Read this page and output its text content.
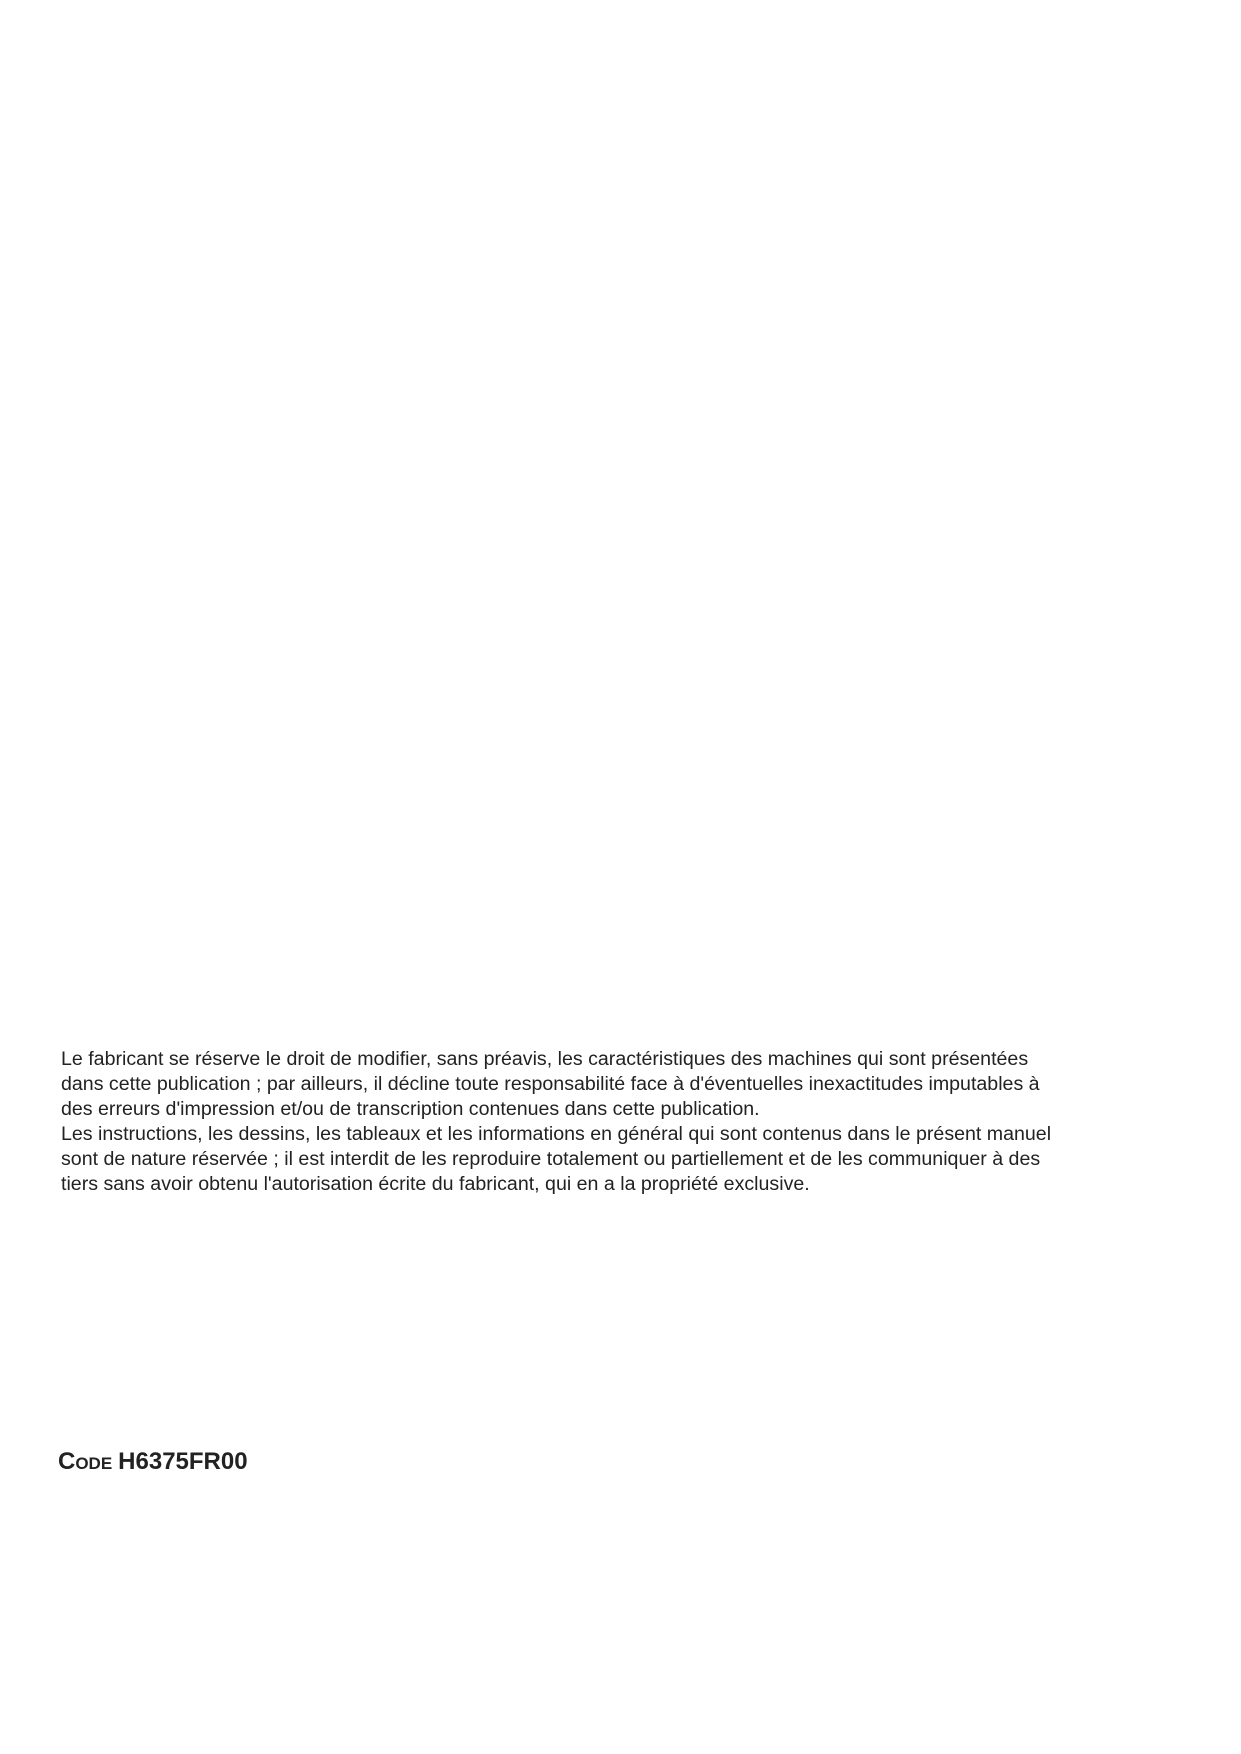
Le fabricant se réserve le droit de modifier, sans préavis, les caractéristiques des machines qui sont présentées
dans cette publication ; par ailleurs, il décline toute responsabilité face à d'éventuelles inexactitudes imputables à
des erreurs d'impression et/ou de transcription contenues dans cette publication.
Les instructions, les dessins, les tableaux et les informations en général qui sont contenus dans le présent manuel
sont de nature réservée ; il est interdit de les reproduire totalement ou partiellement et de les communiquer à des
tiers sans avoir obtenu l'autorisation écrite du fabricant, qui en a la propriété exclusive.
Code H6375FR00
